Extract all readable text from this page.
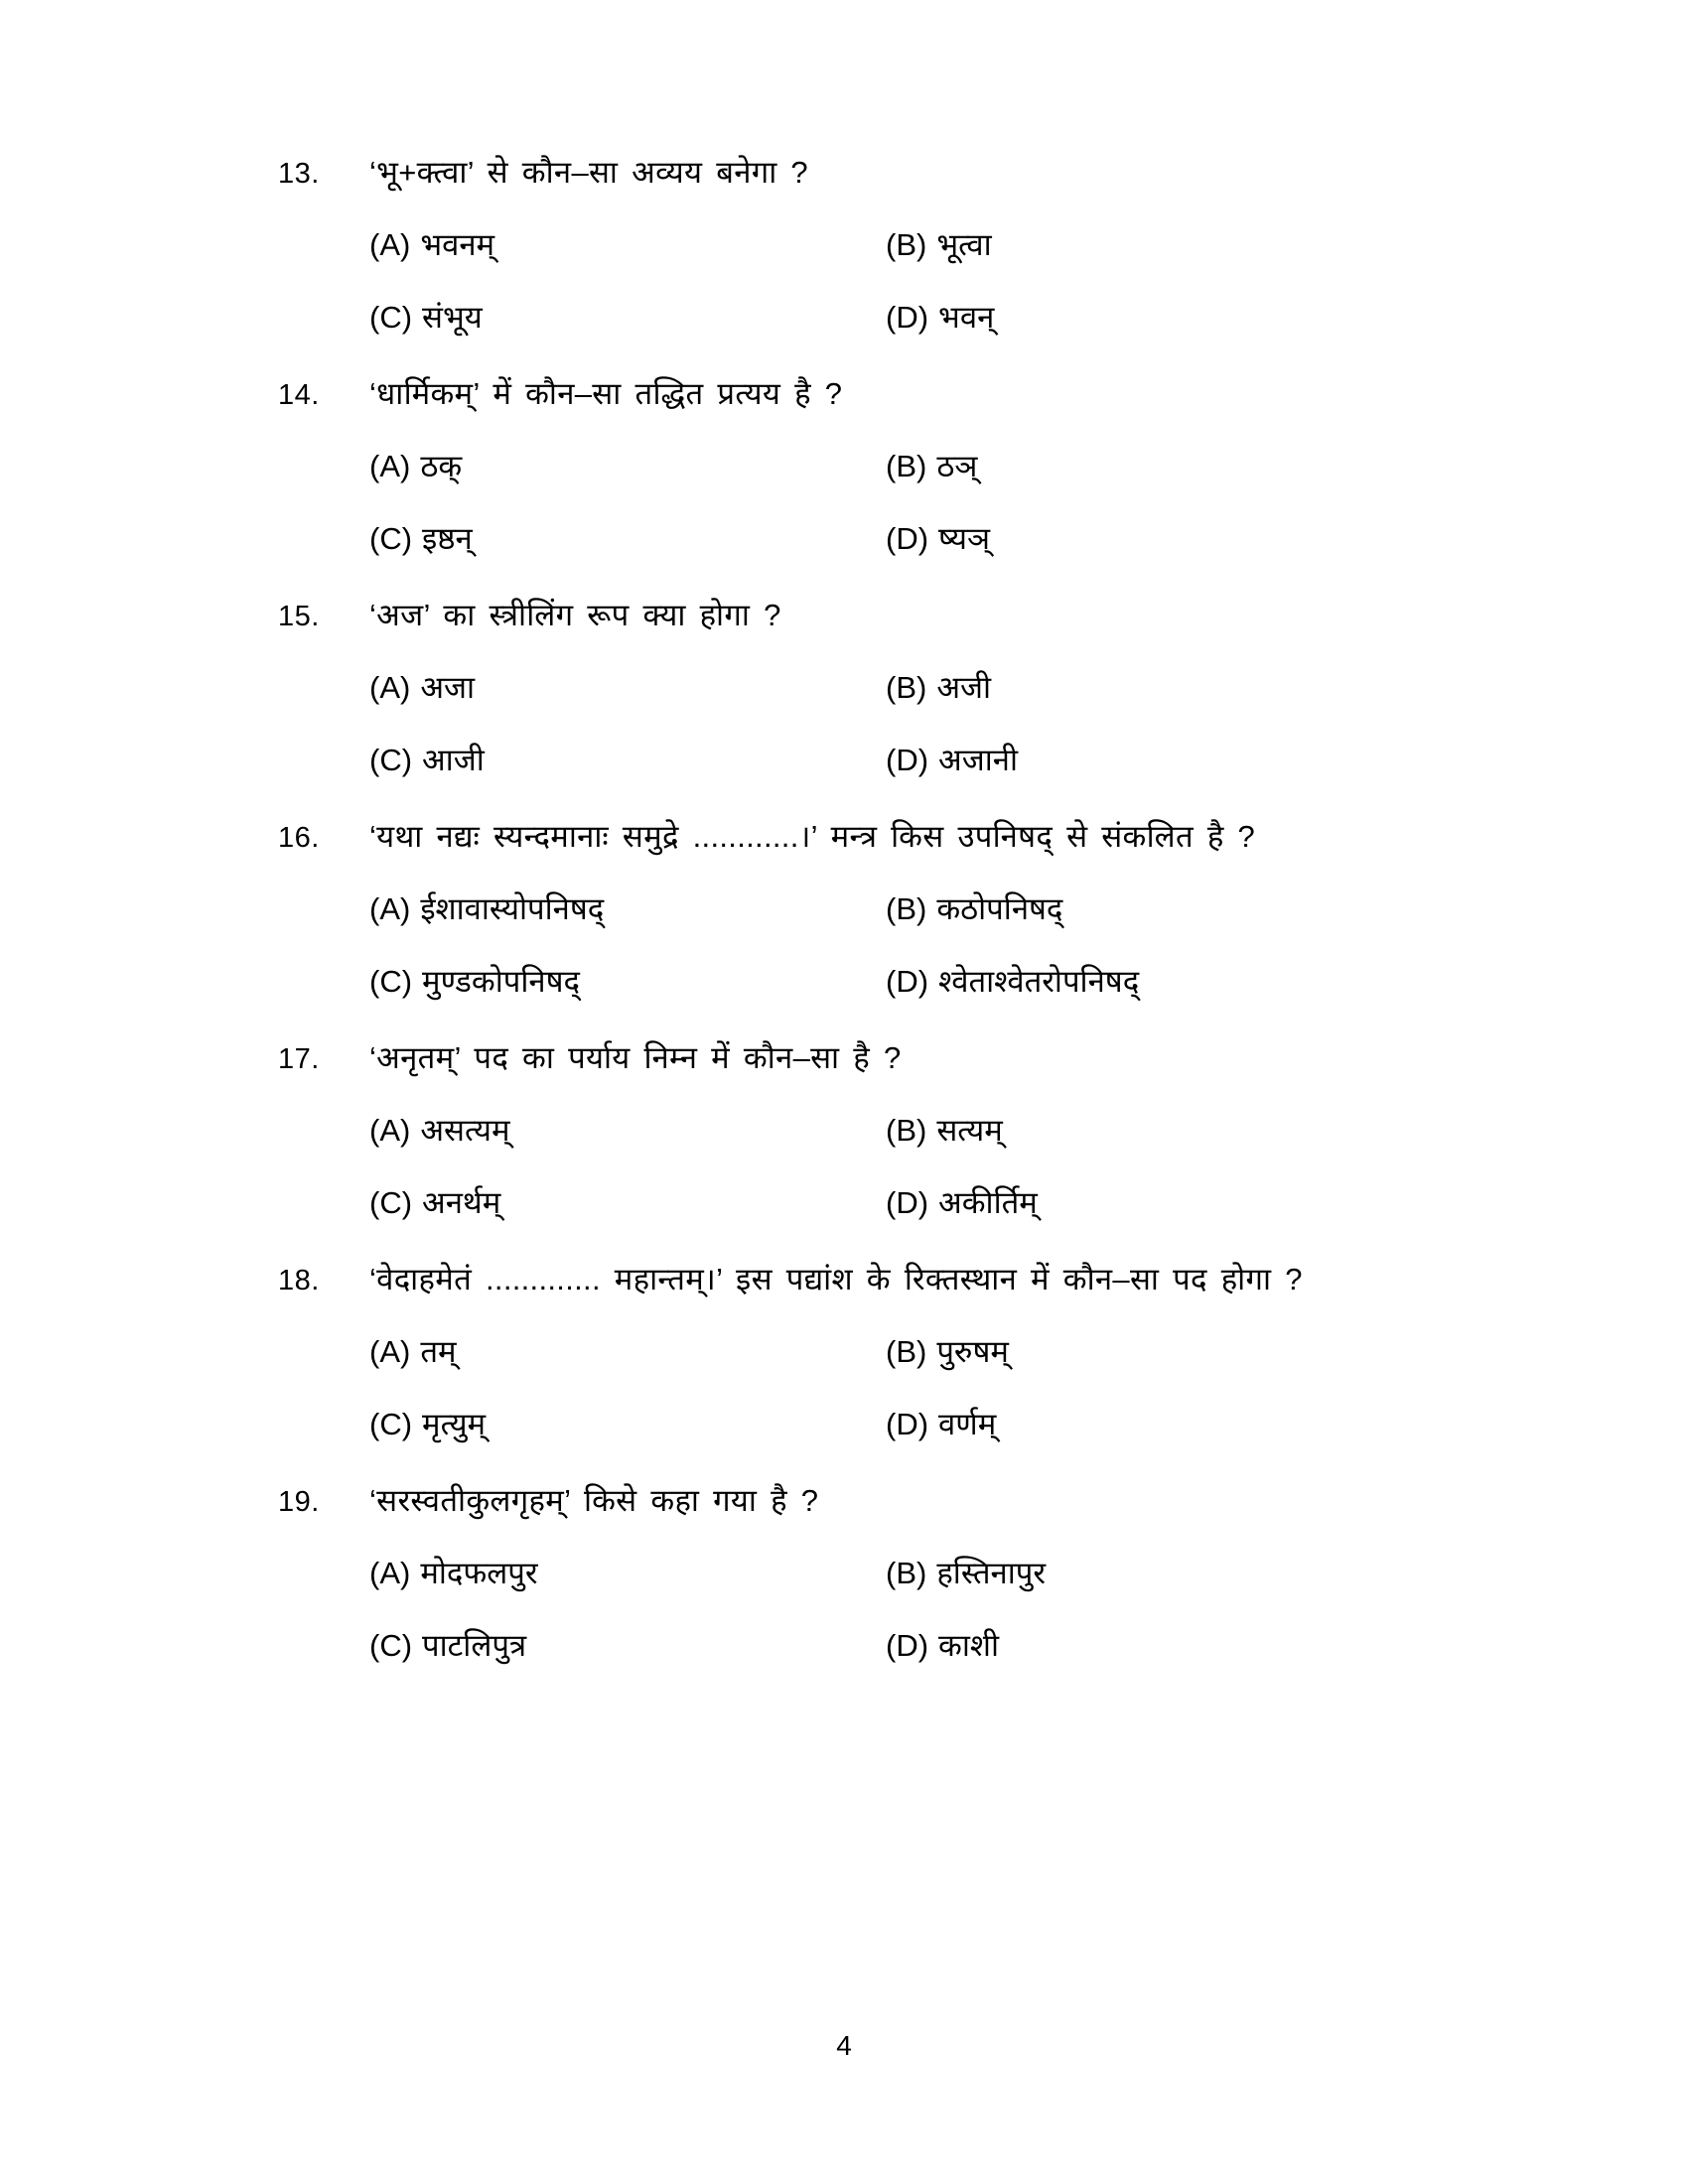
13.	‘भू+क्त्वा’ से कौन–सा अव्यय बनेगा ?
(A) भवनम्	(B) भूत्वा
(C) संभूय	(D) भवन्
14.	‘धार्मिकम्’ में कौन–सा तद्धित प्रत्यय है ?
(A) ठक्	(B) ठञ्
(C) इष्ठन्	(D) ष्यञ्
15.	‘अज’ का स्त्रीलिंग रूप क्या होगा ?
(A) अजा	(B) अजी
(C) आजी	(D) अजानी
16.	‘यथा नद्यः स्यन्दमानाः समुद्रे ............।’ मन्त्र किस उपनिषद् से संकलित है ?
(A) ईशावास्योपनिषद्	(B) कठोपनिषद्
(C) मुण्डकोपनिषद्	(D) श्वेताश्वेतरोपनिषद्
17.	‘अनृतम्’ पद का पर्याय निम्न में कौन–सा है ?
(A) असत्यम्	(B) सत्यम्
(C) अनर्थम्	(D) अकीर्तिम्
18.	‘वेदाहमेतं ............. महान्तम्।’ इस पद्यांश के रिक्तस्थान में कौन–सा पद होगा ?
(A) तम्	(B) पुरुषम्
(C) मृत्युम्	(D) वर्णम्
19.	‘सरस्वतीकुलगृहम्’ किसे कहा गया है ?
(A) मोदफलपुर	(B) हस्तिनापुर
(C) पाटलिपुत्र	(D) काशी
4
